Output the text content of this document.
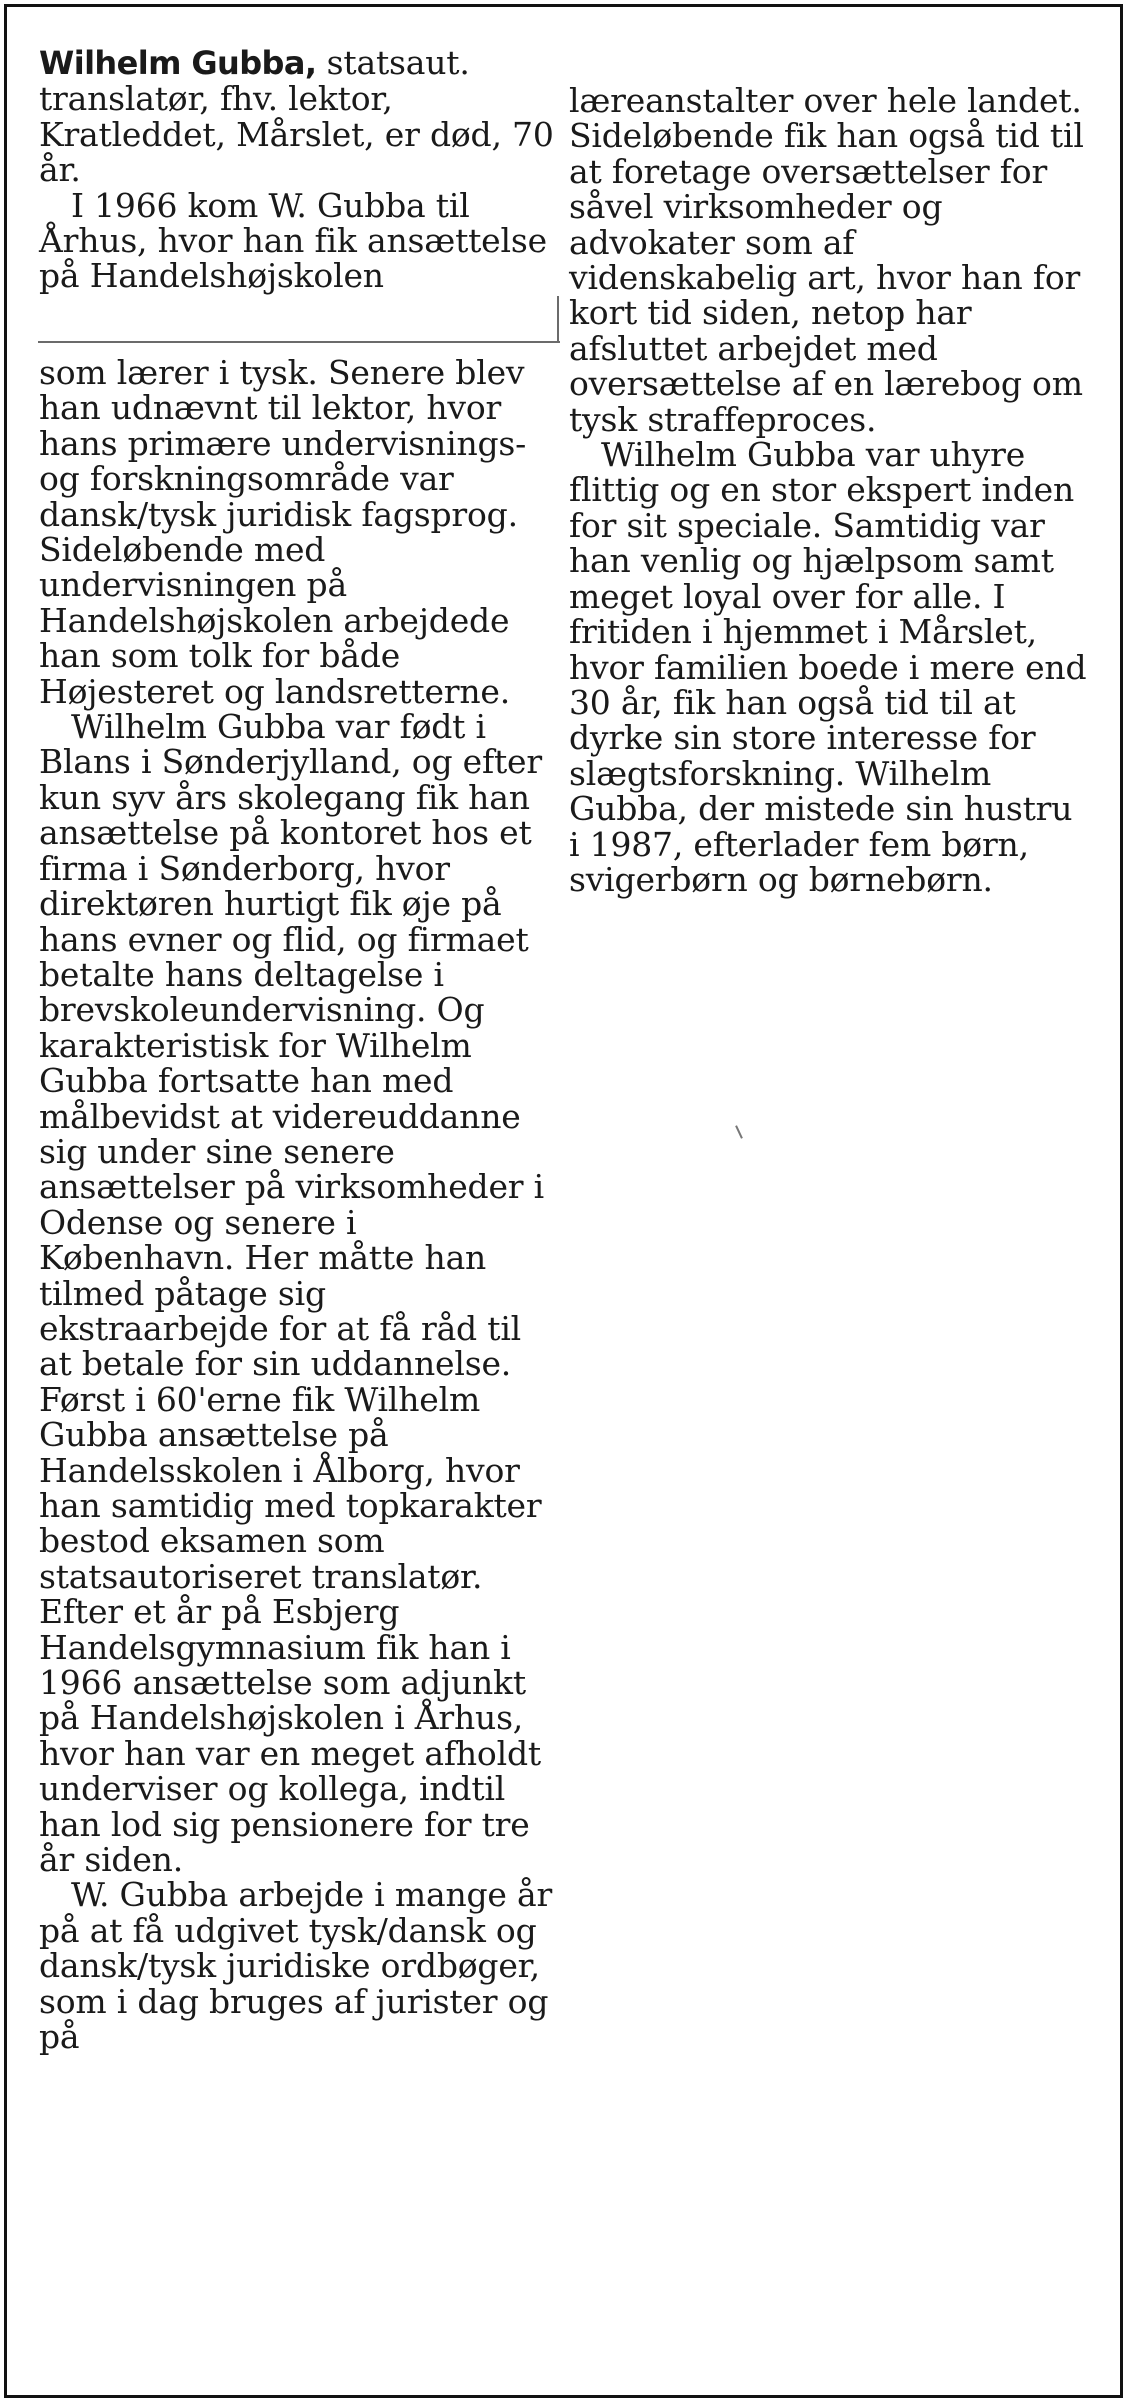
Wilhelm Gubba, statsaut. translatør, fhv. lektor, Kratleddet, Mårslet, er død, 70 år.

I 1966 kom W. Gubba til Århus, hvor han fik ansættelse på Handelshøjskolen

som lærer i tysk. Senere blev han udnævnt til lektor, hvor hans primære undervisnings- og forskningsområde var dansk/tysk juridisk fagsprog. Sideløbende med undervisningen på Handelshøjskolen arbejdede han som tolk for både Højesteret og landsretterne.

Wilhelm Gubba var født i Blans i Sønderjylland, og efter kun syv års skolegang fik han ansættelse på kontoret hos et firma i Sønderborg, hvor direktøren hurtigt fik øje på hans evner og flid, og firmaet betalte hans deltagelse i brevskoleundervisning. Og karakteristisk for Wilhelm Gubba fortsatte han med målbevidst at videreuddanne sig under sine senere ansættelser på virksomheder i Odense og senere i København. Her måtte han tilmed påtage sig ekstraarbejde for at få råd til at betale for sin uddannelse. Først i 60'erne fik Wilhelm Gubba ansættelse på Handelsskolen i Ålborg, hvor han samtidig med topkarakter bestod eksamen som statsautoriseret translatør. Efter et år på Esbjerg Handelsgymnasium fik han i 1966 ansættelse som adjunkt på Handelshøjskolen i Århus, hvor han var en meget afholdt underviser og kollega, indtil han lod sig pensionere for tre år siden.

W. Gubba arbejde i mange år på at få udgivet tysk/dansk og dansk/tysk juridiske ordbøger, som i dag bruges af jurister og på

læreanstalter over hele landet. Sideløbende fik han også tid til at foretage oversættelser for såvel virksomheder og advokater som af videnskabelig art, hvor han for kort tid siden, netop har afsluttet arbejdet med oversættelse af en lærebog om tysk straffeproces.

Wilhelm Gubba var uhyre flittig og en stor ekspert inden for sit speciale. Samtidig var han venlig og hjælpsom samt meget loyal over for alle. I fritiden i hjemmet i Mårslet, hvor familien boede i mere end 30 år, fik han også tid til at dyrke sin store interesse for slægtsforskning. Wilhelm Gubba, der mistede sin hustru i 1987, efterlader fem børn, svigerbørn og børnebørn.
